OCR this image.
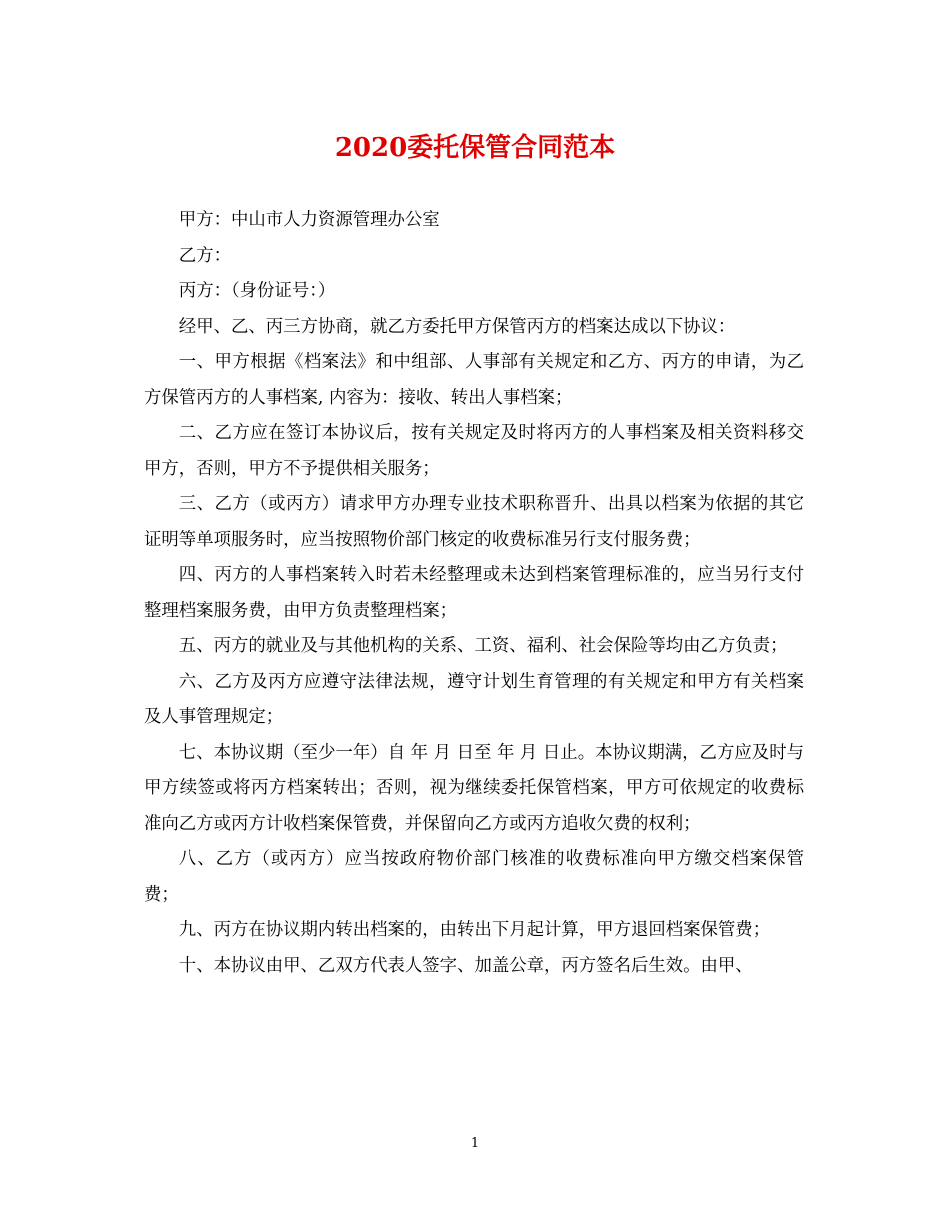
2020委托保管合同范本

甲方：中山市人力资源管理办公室

乙方：

丙方：（身份证号：）

经甲、乙、丙三方协商，就乙方委托甲方保管丙方的档案达成以下协议：

一、甲方根据《档案法》和中组部、人事部有关规定和乙方、丙方的申请，为乙方保管丙方的人事档案, 内容为：接收、转出人事档案；

二、乙方应在签订本协议后，按有关规定及时将丙方的人事档案及相关资料移交甲方，否则，甲方不予提供相关服务；

三、乙方（或丙方）请求甲方办理专业技术职称晋升、出具以档案为依据的其它证明等单项服务时，应当按照物价部门核定的收费标准另行支付服务费；

四、丙方的人事档案转入时若未经整理或未达到档案管理标准的，应当另行支付整理档案服务费，由甲方负责整理档案；

五、丙方的就业及与其他机构的关系、工资、福利、社会保险等均由乙方负责；

六、乙方及丙方应遵守法律法规，遵守计划生育管理的有关规定和甲方有关档案及人事管理规定；

七、本协议期（至少一年）自 年 月 日至 年 月 日止。本协议期满，乙方应及时与甲方续签或将丙方档案转出；否则，视为继续委托保管档案，甲方可依规定的收费标准向乙方或丙方计收档案保管费，并保留向乙方或丙方追收欠费的权利；

八、乙方（或丙方）应当按政府物价部门核准的收费标准向甲方缴交档案保管费；

九、丙方在协议期内转出档案的，由转出下月起计算，甲方退回档案保管费；

十、本协议由甲、乙双方代表人签字、加盖公章，丙方签名后生效。由甲、

1
